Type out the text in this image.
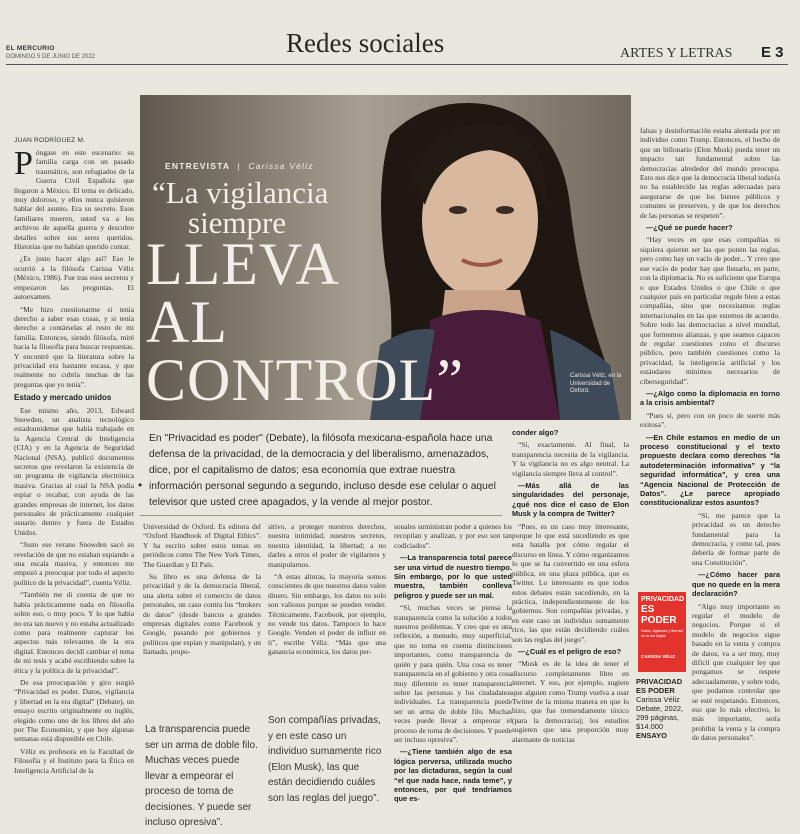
EL MERCURIO
DOMINGO 5 DE JUNIO DE 2022	Redes sociales	ARTES Y LETRAS E 3
JUAN RODRÍGUEZ M.
ENTREVISTA | Carissa Véliz
“La vigilancia
siempre
LLEVA
AL
CONTROL”	Carissa Véliz, en la Universidad de Oxford.
•
En "Privacidad es poder" (Debate), la filósofa mexicana-española hace una defensa de la privacidad, de la democracia y del liberalismo, amenazados, dice, por el capitalismo de datos; esa economía que extrae nuestra información personal segundo a segundo, incluso desde ese celular o aquel televisor que usted cree apagados, y la vende al mejor postor.

Póngase en este escenario: su familia carga con un pasado traumático, son refugiados de la Guerra Civil Española que llegaron a México. El tema es delicado, muy doloroso, y ellos nunca quisieron hablar del asunto. Era su secreto. Esos familiares mueren, usted va a los archivos de aquella guerra y descubre detalles sobre sus seres queridos. Historias que no habían querido contar.

¿Es justo hacer algo así? Eso le ocurrió a la filósofa Carissa Véliz (México, 1986). Fue tras esos secretos y empezaron las preguntas. El autoexamen.

“Me hizo cuestionarme si tenía derecho a saber esas cosas, y si tenía derecho a contárselas al resto de mi familia. Entonces, siendo filósofa, miré hacia la filosofía para buscar respuestas. Y encontré que la literatura sobre la privacidad era bastante escasa, y que realmente no cubría muchas de las preguntas que yo tenía”.

Estado y mercado unidos

Ese mismo año, 2013, Edward Snowden, un analista tecnológico estadounidense que había trabajado en la Agencia Central de Inteligencia (CIA) y en la Agencia de Seguridad Nacional (NSA), publicó documentos secretos que revelaron la existencia de un programa de vigilancia electrónica masiva. Gracias al cual la NSA podía espiar o recabar, con ayuda de las grandes empresas de internet, los datos personales de prácticamente cualquier usuario dentro y fuera de Estados Unidos.

“Justo ese verano Snowden sacó su revelación de que no estaban espiando a una escala masiva, y entonces me empezó a preocupar por todo el aspecto político de la privacidad”, cuenta Véliz.

“También me di cuenta de que no había prácticamente nada en filosofía sobre eso, o muy poco. Y lo que había no era tan nuevo y no estaba actualizado como para realmente capturar los aspectos más relevantes de la era digital. Entonces decidí cambiar el tema de mi tesis y acabé escribiendo sobre la ética y la política de la privacidad”.

De esa preocupación y giro surgió “Privacidad es poder. Datos, vigilancia y libertad en la era digital” (Debate), un ensayo escrito originalmente en inglés, elegido como uno de los libres del año por The Economist, y que hoy algunas semanas está disponible en Chile.

Véliz es profesora en la Facultad de Filosofía y el Instituto para la Ética en Inteligencia Artificial de la

Universidad de Oxford. Es editora del “Oxford Handbook of Digital Ethics”. Y ha escrito sobre estos temas en periódicos como The New York Times, The Guardian y El País.

Su libro es una defensa de la privacidad y de la democracia liberal, una alerta sobre el comercio de datos personales, un caso contra los “brokers de datos” (desde bancos a grandes empresas digitales como Facebook y Google, pasando por gobiernos y políticos que espían y manipulan), y un llamado, propo-

La transparencia puede ser un arma de doble filo. Muchas veces puede llevar a empeorar el proceso de toma de decisiones. Y puede ser incluso opresiva”.

sitivo, a proteger nuestros derechos, nuestra intimidad, nuestros secretos, nuestra identidad, la libertad; a no darles a otros el poder de vigilarnos y manipularnos.

“A estas alturas, la mayoría somos conscientes de que nuestros datos valen dinero. Sin embargo, los datos no solo son valiosos porque se pueden vender. Técnicamente, Facebook, por ejemplo, no vende tus datos. Tampoco lo hace Google. Venden el poder de influir en ti”, escribe Véliz. “Más que una ganancia económica, los datos per-

Son compañías privadas, y en este caso un individuo sumamente rico (Elon Musk), las que están decidiendo cuáles son las reglas del juego”.

sonales suministran poder a quienes los recopilan y analizan, y por eso son tan codiciados”.

—La transparencia total parece ser una virtud de nuestro tiempo. Sin embargo, por lo que usted muestra, también conlleva peligros y puede ser un mal.

“Sí, muchas veces se piensa la transparencia como la solución a todos nuestros problemas. Y creo que es una reflexión, a menudo, muy superficial, que no toma en cuenta distinciones importantes, como transparencia de quién y para quién. Una cosa es tener transparencia en el gobierno y otra cosa muy diferente es tener transparencia sobre las personas y los ciudadanos individuales. La transparencia puede ser un arma de doble filo. Muchas veces puede llevar a empeorar el proceso de toma de decisiones. Y puede ser incluso opresiva”.

—¿Tiene también algo de esa lógica perversa, utilizada mucho por las dictaduras, según la cual “el que nada hace, nada teme”, y entonces, por qué tendríamos que es-

conder algo?

“Sí, exactamente. Al final, la transparencia necesita de la vigilancia. Y la vigilancia no es algo neutral. La vigilancia siempre lleva al control”.

—Más allá de las singularidades del personaje, ¿qué nos dice el caso de Elon Musk y la compra de Twitter?

“Pues, es un caso muy interesante, porque lo que está sucediendo es que esta batalla por cómo regular el discurso en línea. Y cómo organizamos lo que se ha convertido en una esfera pública, en una plaza pública, que es Twitter. Lo interesante es que todos estos debates están sucediendo, en la práctica, independientemente de los gobiernos. Son compañías privadas, y en este caso un individuo sumamente rico, las que están decidiendo cuáles son las reglas del juego”.

—¿Cuál es el peligro de eso?

“Musk es de la idea de tener el discurso completamente libre en internet. Y eso, por ejemplo, sugiere que alguien como Trump vuelva a usar Twitter de la misma manera en que lo hizo, que fue tremendamente tóxico (para la democracia); los estudios sugieren que una proporción muy alarmante de noticias

falsas y desinformación estaba alentada por un individuo como Trump. Entonces, el hecho de que un billonario (Elon Musk) pueda tener un impacto tan fundamental sobre las democracias alrededor del mundo preocupa. Esto nos dice que la democracia liberal todavía no ha establecido las reglas adecuadas para asegurarse de que los bienes públicos y comunes se preserven, y de que los derechos de las personas se respeten”.

—¿Qué se puede hacer?

“Hay veces en que esas compañías ni siquiera quieren ser las que ponen las reglas, pero como hay un vacío de poder... Y creo que ese vacío de poder hay que llenarlo, en parte, con la diplomacia. No es suficiente que Europa o que Estados Unidos o que Chile o que cualquier país en particular regule bien a estas compañías, sino que necesitamos reglas internacionales en las que estemos de acuerdo. Sobre todo las democracias a nivel mundial, que formemos alianzas, y que seamos capaces de regular cuestiones como el discurso público, pero también cuestiones como la privacidad, la inteligencia artificial y los estándares mínimos necesarios de ciberseguridad”.

—¿Algo como la diplomacia en torno a la crisis ambiental?

“Pues sí, pero con un poco de suerte más exitosa”.

—En Chile estamos en medio de un proceso constitucional y el texto propuesto declara como derechos “la autodeterminación informativa” y “la seguridad informática”, y crea una “Agencia Nacional de Protección de Datos”. ¿Le parece apropiado constitucionalizar estos asuntos?

“Sí, me parece que la privacidad es un derecho fundamental para la democracia, y como tal, pues debería de formar parte de una Constitución”.

—¿Cómo hacer para que no quede en la mera declaración?

“Algo muy importante es regular el modelo de negocios. Porque si el modelo de negocios sigue basado en la venta y compra de datos, va a ser muy, muy difícil que cualquier ley que pongamos se respete adecuadamente, y sobre todo, que podamos controlar que se esté respetando. Entonces, eso que lo más efectivo, lo más importante, sería prohibir la venta y la compra de datos personales”.

PRIVACIDAD
ES PODER
Datos, vigilancia y libertad en la era digital
CARISSA VÉLIZ
PRIVACIDAD
ES PODER
Carissa Véliz
Debate, 2022, 299 páginas, $14.000
ENSAYO
